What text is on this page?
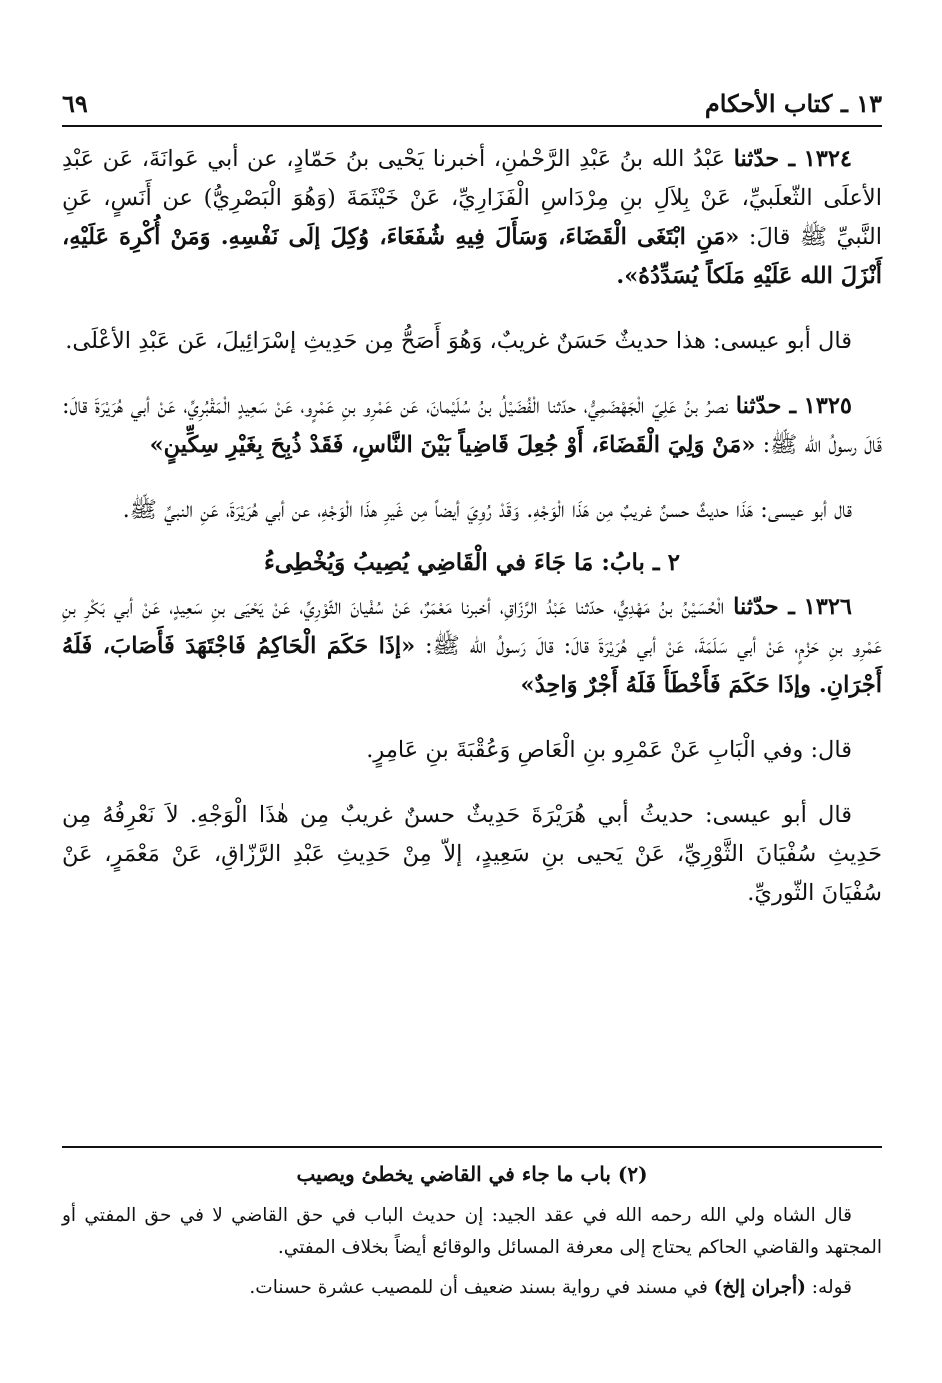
١٣ ـ كتاب الأحكام
٦٩

١٣٢٤ ـ حدّثنا عَبْدُ الله بنُ عَبْدِ الرَّحْمٰنِ، أخبرنا يَحْيى بنُ حَمّادٍ، عن أبي عَوانَةَ، عَن عَبْدِ الأعلَى الثّعلَبيِّ، عَنْ بِلاَلِ بنِ مِرْدَاسِ الْفَزَارِيِّ، عَنْ خَيْثَمَةَ (وَهُوَ الْبَصْرِيُّ) عن أَنَسٍ، عَنِ النَّبيِّ ﷺ قالَ: «مَنِ ابْتَغَى الْقَضَاءَ، وَسَأَلَ فِيهِ شُفَعَاءَ، وُكِلَ إلَى نَفْسِهِ. وَمَنْ أُكْرِهَ عَلَيْهِ، أَنْزَلَ الله عَلَيْهِ مَلَكاً يُسَدِّدُهُ».

قال أبو عيسى: هذا حديثٌ حَسَنٌ غريبٌ، وَهُوَ أَصَحُّ مِن حَدِيثِ إسْرَائِيلَ، عَن عَبْدِ الأعْلَى.

١٣٢٥ ـ حدّثنا نصرُ بنُ عَلِيّ الْجَهْضَمِيُّ، حدّثنا الْفُضَيْلُ بنُ سُلَيْمانَ، عَن عَمْرِو بنِ عَمْرٍو، عَنْ سَعِيدٍ الْمَقْبُرِيِّ، عَنْ أبي هُرَيْرَةَ قالَ: قَالَ رسولُ الله ﷺ: «مَنْ وَلِيَ الْقَضَاءَ، أَوْ جُعِلَ قَاضِياً بَيْنَ النَّاسِ، فَقَدْ ذُبِحَ بِغَيْرِ سِكِّينٍ»

قال أبو عيسى: هَذَا حديثٌ حسنٌ غريبٌ مِن هَذَا الْوَجْهِ. وَقَدْ رُوِيَ أيضاً مِن غَيرِ هذَا الْوَجْهِ، عن أبي هُرَيْرَةَ، عَنِ النبيِّ ﷺ.

٢ ـ بابُ: مَا جَاءَ في الْقَاضِي يُصِيبُ وَيُخْطِىءُ

١٣٢٦ ـ حدّثنا الْحُسَيْنُ بنُ مَهْدِيٍّ، حدّثنا عَبْدُ الرَّزّاقِ، أخبرنا مَعْمَرٌ، عَنْ سُفْيانَ الثّوْرِيِّ، عَنْ يَحْيَى بنِ سَعِيدٍ، عَنْ أبي بَكْرِ بنِ عَمْرِو بنِ حَزْمٍ، عَنْ أبي سَلَمَةَ، عَنْ أبي هُرَيْرَةَ قالَ: قالَ رَسولُ الله ﷺ: «إذَا حَكَمَ الْحَاكِمُ فَاجْتَهَدَ فَأَصَابَ، فَلَهُ أَجْرَانِ. وإذَا حَكَمَ فَأَخْطَأَ فَلَهُ أَجْرٌ وَاحِدٌ»

قال: وفي الْبَابِ عَنْ عَمْرِو بنِ الْعَاصِ وَعُقْبَةَ بنِ عَامِرٍ.

قال أبو عيسى: حديثُ أبي هُرَيْرَةَ حَدِيثٌ حسنٌ غريبٌ مِن هٰذَا الْوَجْهِ. لاَ نَعْرِفُهُ مِن حَدِيثِ سُفْيَانَ الثَّوْرِيِّ، عَنْ يَحيى بنِ سَعِيدٍ، إلاّ مِنْ حَدِيثِ عَبْدِ الرَّزّاقِ، عَنْ مَعْمَرٍ، عَنْ سُفْيَانَ الثّوريِّ.

(٢) باب ما جاء في القاضي يخطئ ويصيب

قال الشاه ولي الله رحمه الله في عقد الجيد: إن حديث الباب في حق القاضي لا في حق المفتي أو المجتهد والقاضي الحاكم يحتاج إلى معرفة المسائل والوقائع أيضاً بخلاف المفتي.

قوله: (أجران إلخ) في مسند في رواية بسند ضعيف أن للمصيب عشرة حسنات.
